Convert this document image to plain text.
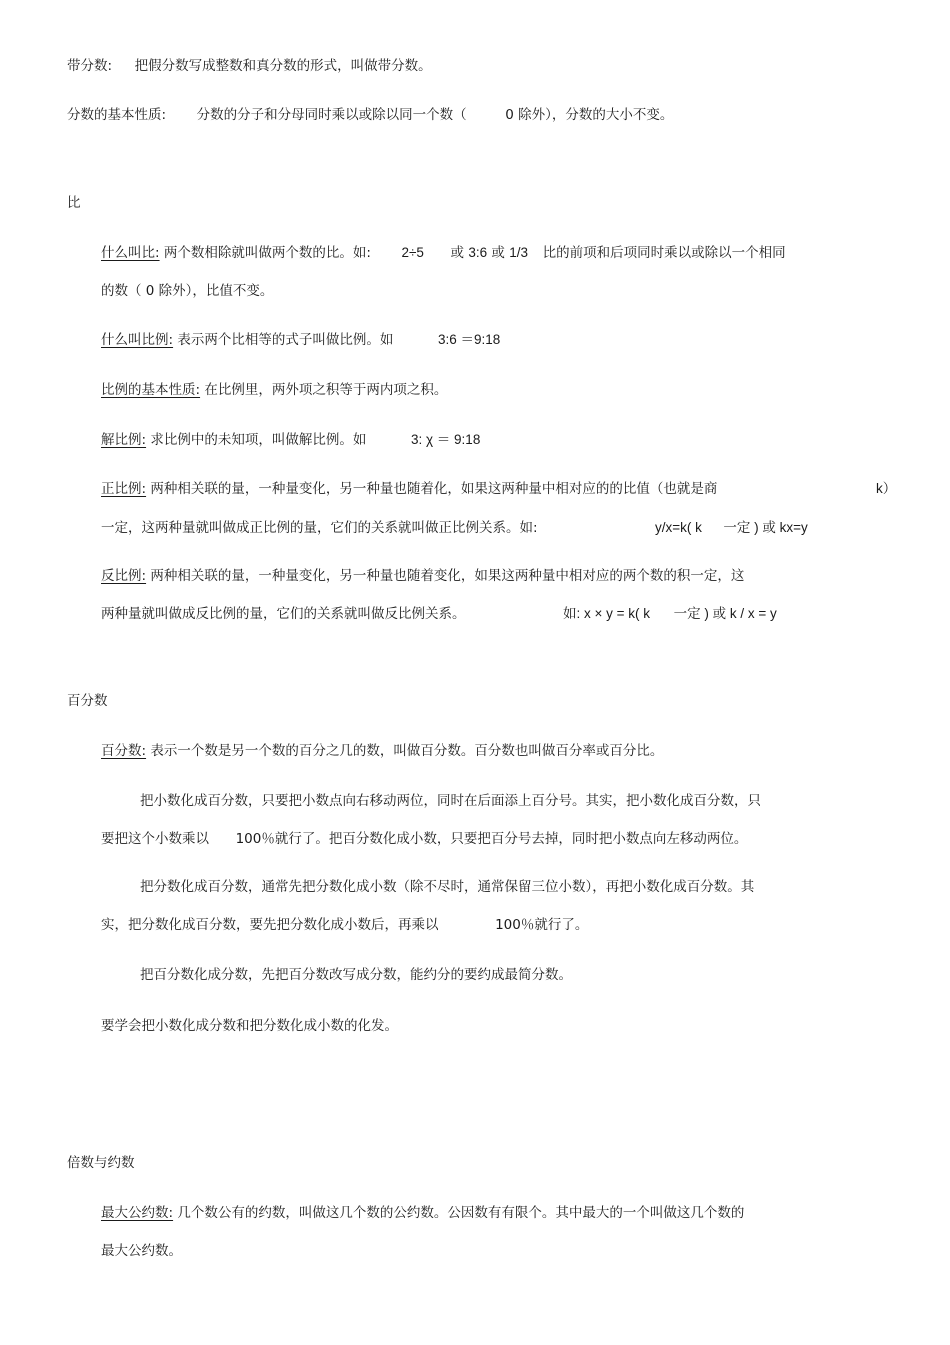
带分数: 把假分数写成整数和真分数的形式，叫做带分数。
分数的基本性质: 分数的分子和分母同时乘以或除以同一个数（	0 除外），分数的大小不变。
比
什么叫比: 两个数相除就叫做两个数的比。如: 2÷5 或 3:6 或 1/3 比的前项和后项同时乘以或除以一个相同
的数（ 0 除外），比值不变。
什么叫比例: 表示两个比相等的式子叫做比例。如	3:6 ＝9:18
比例的基本性质: 在比例里，两外项之积等于两内项之积。
解比例: 求比例中的未知项，叫做解比例。如	3: χ ＝ 9:18
正比例: 两种相关联的量，一种量变化，另一种量也随着化，如果这两种量中相对应的的比值（也就是商	k）
一定，这两种量就叫做成正比例的量，它们的关系就叫做正比例关系。如:	y/x=k( k 一定 ) 或 kx=y
反比例: 两种相关联的量，一种量变化，另一种量也随着变化，如果这两种量中相对应的两个数的积一定，这
两种量就叫做成反比例的量，它们的关系就叫做反比例关系。	如: x × y = k( k 一定 ) 或 k / x = y
百分数
百分数: 表示一个数是另一个数的百分之几的数，叫做百分数。百分数也叫做百分率或百分比。
把小数化成百分数，只要把小数点向右移动两位，同时在后面添上百分号。其实，把小数化成百分数，只
要把这个小数乘以 100％就行了。把百分数化成小数，只要把百分号去掉，同时把小数点向左移动两位。
把分数化成百分数，通常先把分数化成小数（除不尽时，通常保留三位小数），再把小数化成百分数。其
实，把分数化成百分数，要先把分数化成小数后，再乘以	100％就行了。
把百分数化成分数，先把百分数改写成分数，能约分的要约成最简分数。
要学会把小数化成分数和把分数化成小数的化发。
倍数与约数
最大公约数: 几个数公有的约数，叫做这几个数的公约数。公因数有有限个。其中最大的一个叫做这几个数的
最大公约数。
